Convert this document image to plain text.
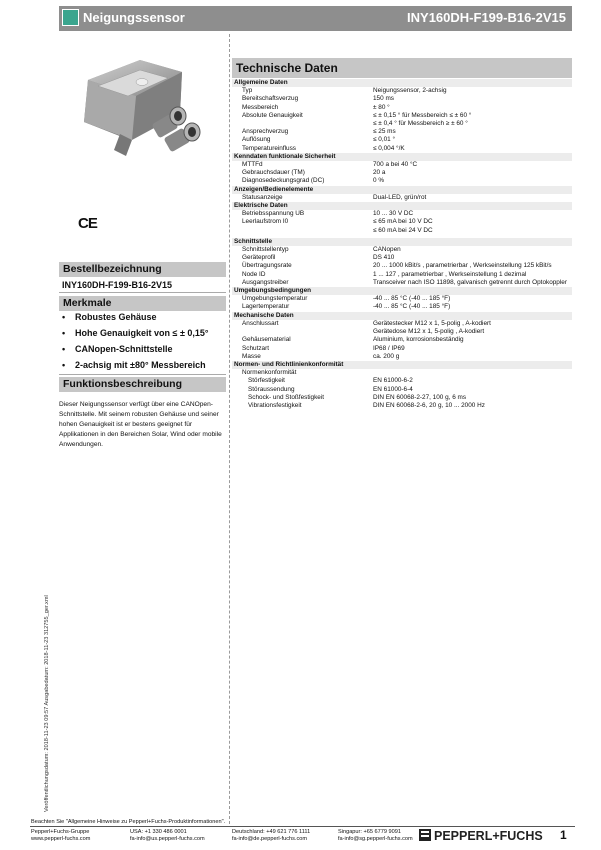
Neigungssensor	INY160DH-F199-B16-2V15
CE
Bestellbezeichnung
INY160DH-F199-B16-2V15
Merkmale
• Robustes Gehäuse
• Hohe Genauigkeit von ≤ ± 0,15°
• CANopen-Schnittstelle
• 2-achsig mit ±80° Messbereich
Funktionsbeschreibung
Dieser Neigungssensor verfügt über eine CANOpen-Schnittstelle. Mit seinem robusten Gehäuse und seiner hohen Genauigkeit ist er bestens geeignet für Applikationen in den Bereichen Solar, Wind oder mobile Anwendungen.
Technische Daten
Allgemeine Daten	
Typ	Neigungssensor, 2-achsig
Bereitschaftsverzug	150 ms
Messbereich	± 80 °
Absolute Genauigkeit	≤ ± 0,15 ° für Messbereich ≤ ± 60 °
	≤ ± 0,4 ° für Messbereich ≥ ± 60 °
Ansprechverzug	≤ 25 ms
Auflösung	≤ 0,01 °
Temperatureinfluss	≤ 0,004 °/K
Kenndaten funktionale Sicherheit	
MTTFd	700 a bei 40 °C
Gebrauchsdauer (TM)	20 a
Diagnosedeckungsgrad (DC)	0 %
Anzeigen/Bedienelemente	
Statusanzeige	Dual-LED, grün/rot
Elektrische Daten	
Betriebsspannung UB	10 ... 30 V DC
Leerlaufstrom I0	≤ 65 mA bei 10 V DC
	≤ 60 mA bei 24 V DC

Schnittstelle	
Schnittstellentyp	CANopen
Geräteprofil	DS 410
Übertragungsrate	20 ... 1000 kBit/s , parametrierbar , Werkseinstellung 125 kBit/s
Node ID	1 ... 127 , parametrierbar , Werkseinstellung 1 dezimal
Ausgangstreiber	Transceiver nach ISO 11898, galvanisch getrennt durch Optokoppler
Umgebungsbedingungen	
Umgebungstemperatur	-40 ... 85 °C (-40 ... 185 °F)
Lagertemperatur	-40 ... 85 °C (-40 ... 185 °F)
Mechanische Daten	
Anschlussart	Gerätestecker M12 x 1, 5-polig , A-kodiert
	Gerätedose M12 x 1, 5-polig , A-kodiert
Gehäusematerial	Aluminium, korrosionsbeständig
Schutzart	IP68 / IP69
Masse	ca. 200 g
Normen- und Richtlinienkonformität	
Normenkonformität	
Störfestigkeit	EN 61000-6-2
Störaussendung	EN 61000-6-4
Schock- und Stoßfestigkeit	DIN EN 60068-2-27, 100 g, 6 ms
Vibrationsfestigkeit	DIN EN 60068-2-6, 20 g, 10 ... 2000 Hz
Veröffentlichungsdatum: 2018-11-23 09:57 Ausgabedatum: 2018-11-23 312755_ger.xml
Beachten Sie "Allgemeine Hinweise zu Pepperl+Fuchs-Produktinformationen".
Pepperl+Fuchs-Gruppe
www.pepperl-fuchs.com
USA: +1 330 486 0001
fa-info@us.pepperl-fuchs.com
Deutschland: +49 621 776 1111
fa-info@de.pepperl-fuchs.com
Singapur: +65 6779 9091
fa-info@sg.pepperl-fuchs.com PEPPERL+FUCHS 1
